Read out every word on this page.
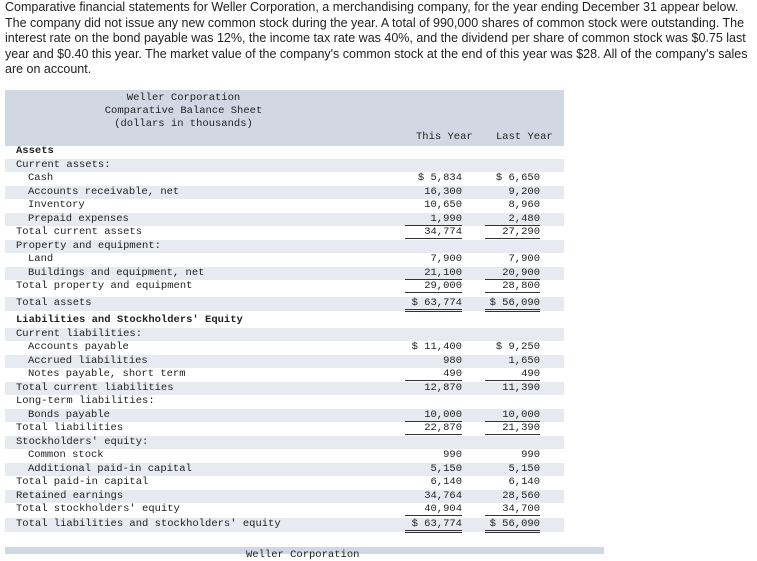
Comparative financial statements for Weller Corporation, a merchandising company, for the year ending December 31 appear below. The company did not issue any new common stock during the year. A total of 990,000 shares of common stock were outstanding. The interest rate on the bond payable was 12%, the income tax rate was 40%, and the dividend per share of common stock was $0.75 last year and $0.40 this year. The market value of the company's common stock at the end of this year was $28. All of the company's sales are on account.
Weller Corporation
Comparative Balance Sheet
(dollars in thousands)
This Year Last Year
Assets
Current assets:
Cash	$ 5,834	$ 6,650
Accounts receivable, net	16,300	9,200
Inventory	10,650	8,960
Prepaid expenses	1,990	2,480
Total current assets	34,774	27,290
Property and equipment:
Land	7,900	7,900
Buildings and equipment, net	21,100	20,900
Total property and equipment	29,000	28,800
Total assets	$ 63,774	$ 56,090
Liabilities and Stockholders' Equity
Current liabilities:
Accounts payable	$ 11,400	$ 9,250
Accrued liabilities	980	1,650
Notes payable, short term	490	490
Total current liabilities	12,870	11,390
Long-term liabilities:
Bonds payable	10,000	10,000
Total liabilities	22,870	21,390
Stockholders' equity:
Common stock	990	990
Additional paid-in capital	5,150	5,150
Total paid-in capital	6,140	6,140
Retained earnings	34,764	28,560
Total stockholders' equity	40,904	34,700
Total liabilities and stockholders' equity	$ 63,774	$ 56,090
Weller Corporation
